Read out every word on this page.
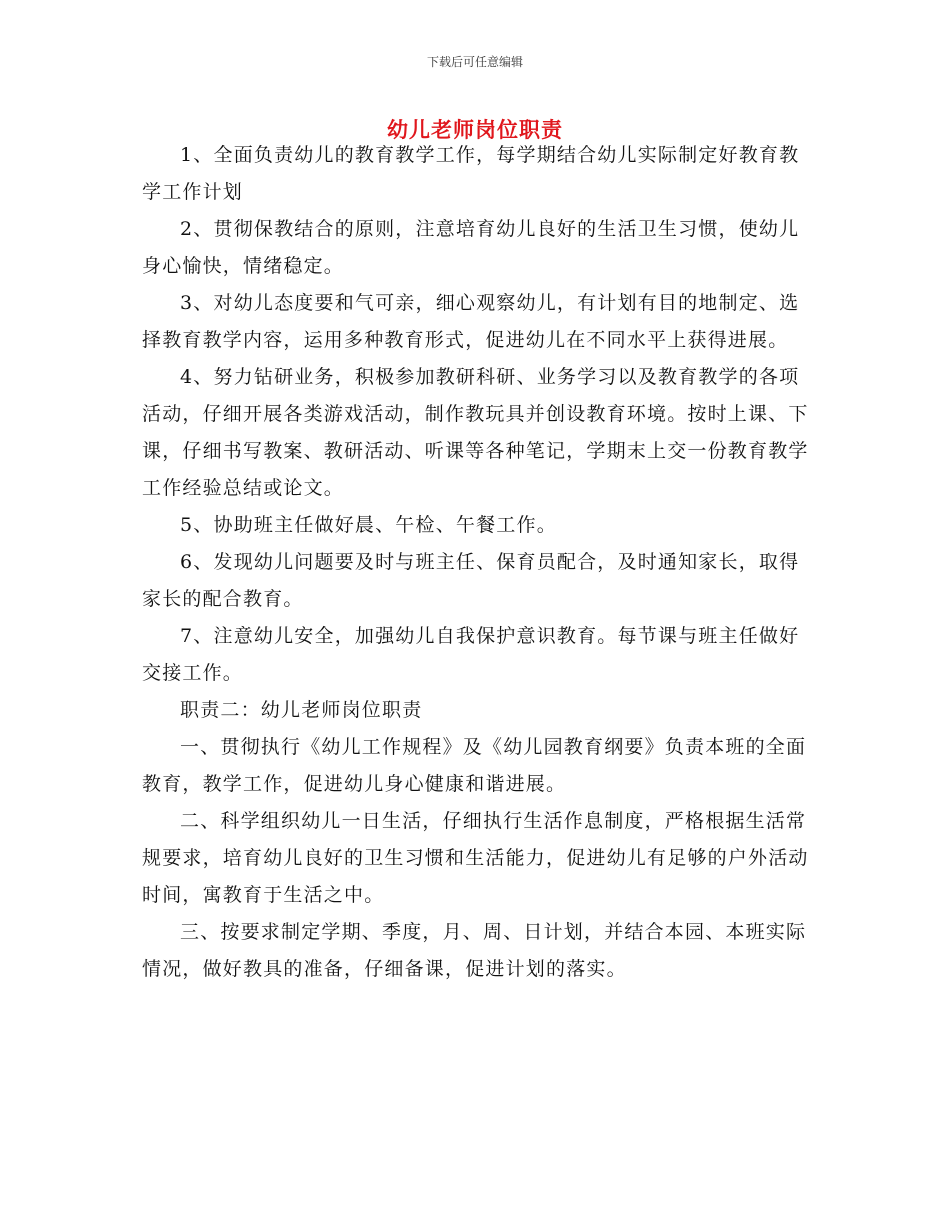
下载后可任意编辑
幼儿老师岗位职责

1、全面负责幼儿的教育教学工作，每学期结合幼儿实际制定好教育教学工作计划

2、贯彻保教结合的原则，注意培育幼儿良好的生活卫生习惯，使幼儿身心愉快，情绪稳定。

3、对幼儿态度要和气可亲，细心观察幼儿，有计划有目的地制定、选择教育教学内容，运用多种教育形式，促进幼儿在不同水平上获得进展。

4、努力钻研业务，积极参加教研科研、业务学习以及教育教学的各项活动，仔细开展各类游戏活动，制作教玩具并创设教育环境。按时上课、下课，仔细书写教案、教研活动、听课等各种笔记，学期末上交一份教育教学工作经验总结或论文。

5、协助班主任做好晨、午检、午餐工作。

6、发现幼儿问题要及时与班主任、保育员配合，及时通知家长，取得家长的配合教育。

7、注意幼儿安全，加强幼儿自我保护意识教育。每节课与班主任做好交接工作。

职责二：幼儿老师岗位职责

一、贯彻执行《幼儿工作规程》及《幼儿园教育纲要》负责本班的全面教育，教学工作，促进幼儿身心健康和谐进展。

二、科学组织幼儿一日生活，仔细执行生活作息制度，严格根据生活常规要求，培育幼儿良好的卫生习惯和生活能力，促进幼儿有足够的户外活动时间，寓教育于生活之中。

三、按要求制定学期、季度，月、周、日计划，并结合本园、本班实际情况，做好教具的准备，仔细备课，促进计划的落实。
